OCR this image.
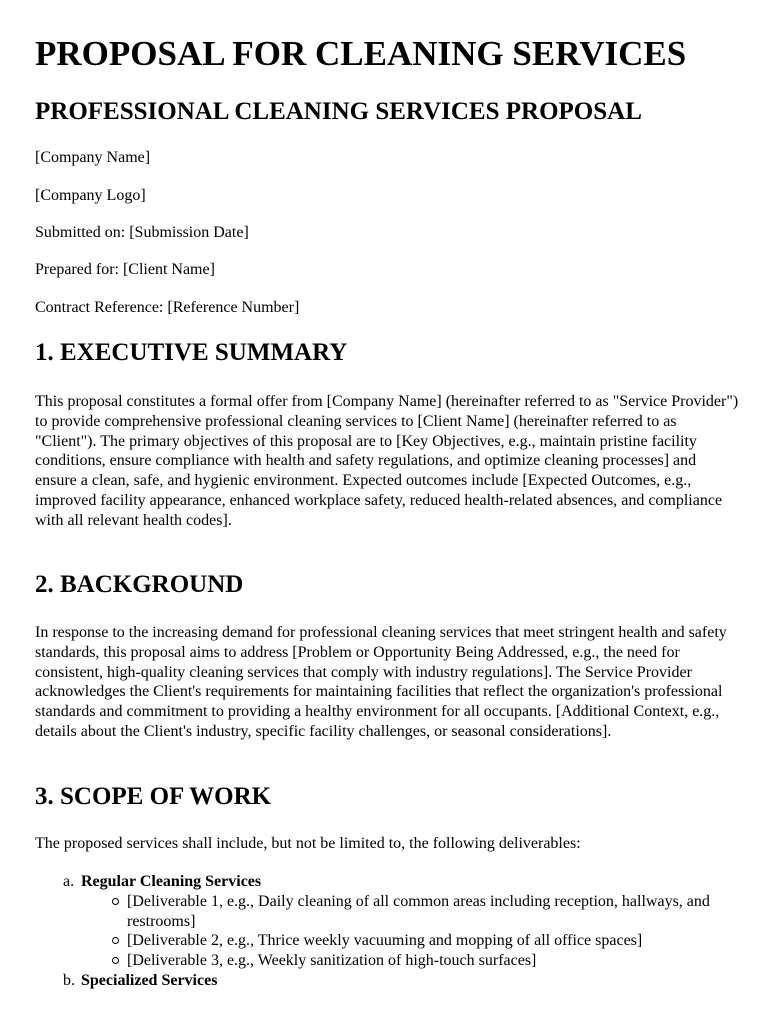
PROPOSAL FOR CLEANING SERVICES
PROFESSIONAL CLEANING SERVICES PROPOSAL
[Company Name]
[Company Logo]
Submitted on: [Submission Date]
Prepared for: [Client Name]
Contract Reference: [Reference Number]
1. EXECUTIVE SUMMARY

This proposal constitutes a formal offer from [Company Name] (hereinafter referred to as "Service Provider") to provide comprehensive professional cleaning services to [Client Name] (hereinafter referred to as "Client"). The primary objectives of this proposal are to [Key Objectives, e.g., maintain pristine facility conditions, ensure compliance with health and safety regulations, and optimize cleaning processes] and ensure a clean, safe, and hygienic environment. Expected outcomes include [Expected Outcomes, e.g., improved facility appearance, enhanced workplace safety, reduced health-related absences, and compliance with all relevant health codes].

2. BACKGROUND

In response to the increasing demand for professional cleaning services that meet stringent health and safety standards, this proposal aims to address [Problem or Opportunity Being Addressed, e.g., the need for consistent, high-quality cleaning services that comply with industry regulations]. The Service Provider acknowledges the Client's requirements for maintaining facilities that reflect the organization's professional standards and commitment to providing a healthy environment for all occupants. [Additional Context, e.g., details about the Client's industry, specific facility challenges, or seasonal considerations].

3. SCOPE OF WORK

The proposed services shall include, but not be limited to, the following deliverables:

a. Regular Cleaning Services
[Deliverable 1, e.g., Daily cleaning of all common areas including reception, hallways, and restrooms]
[Deliverable 2, e.g., Thrice weekly vacuuming and mopping of all office spaces]
[Deliverable 3, e.g., Weekly sanitization of high-touch surfaces]
b. Specialized Services
